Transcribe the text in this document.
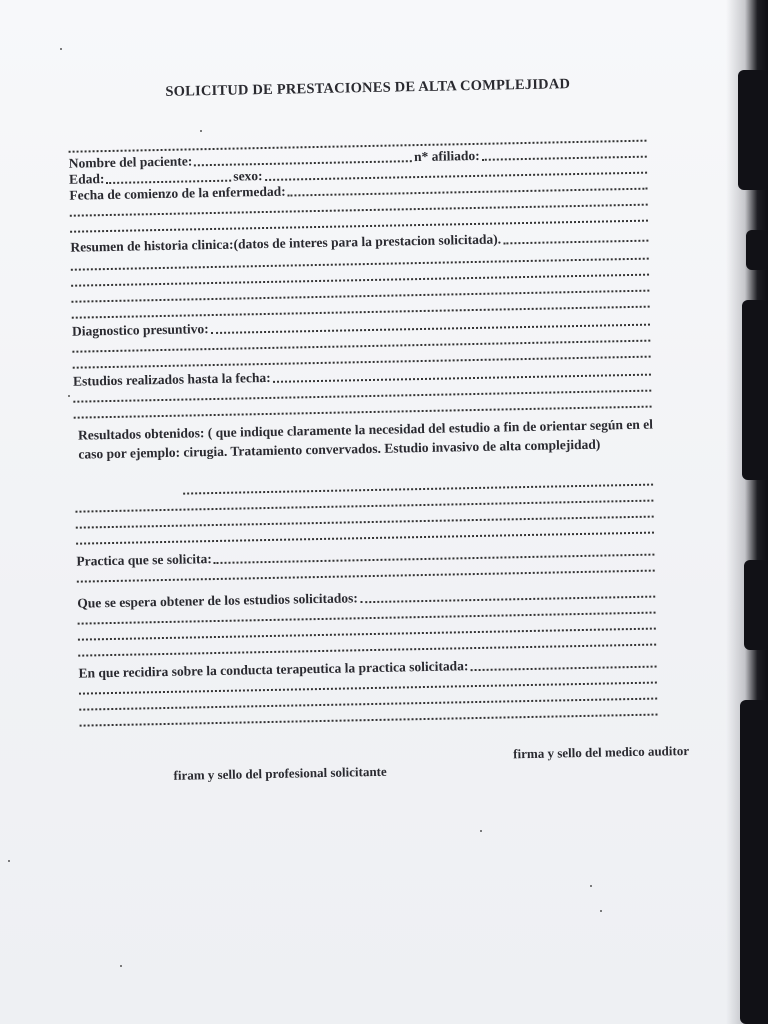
SOLICITUD DE PRESTACIONES DE ALTA COMPLEJIDAD
Nombre del paciente:	n* afiliado:
Edad:	sexo:
Fecha de comienzo de la enfermedad:
Resumen de historia clinica:(datos de interes para la prestacion solicitada).
Diagnostico presuntivo:
Estudios realizados hasta la fecha:
Resultados obtenidos: ( que indique claramente la necesidad del estudio a fin de orientar según en el caso por ejemplo: cirugia. Tratamiento convervados. Estudio invasivo de alta complejidad)
Practica que se solicita:
Que se espera obtener de los estudios solicitados:
En que recidira sobre la conducta terapeutica la practica solicitada:
firam y sello del profesional solicitante
firma y sello del medico auditor
